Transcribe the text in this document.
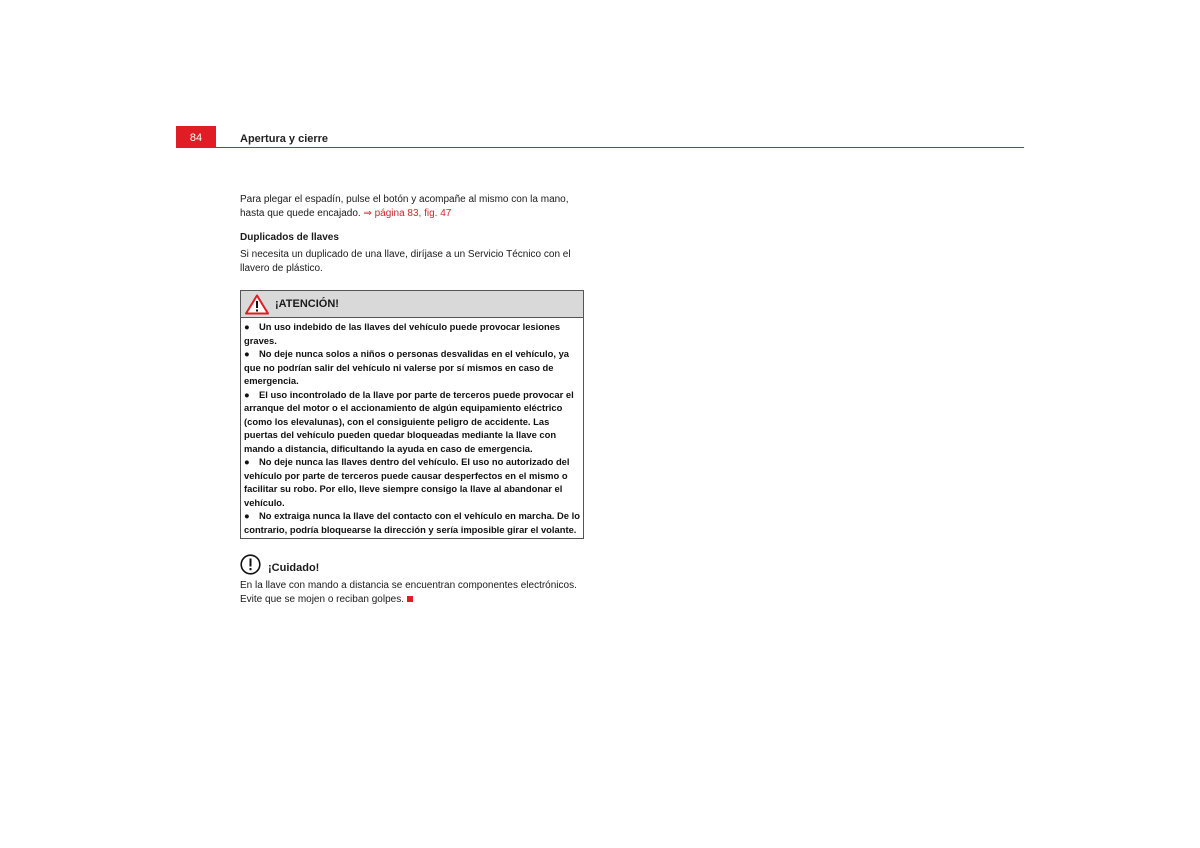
84	Apertura y cierre

Para plegar el espadín, pulse el botón y acompañe al mismo con la mano,
hasta que quede encajado. ⇒ página 83, fig. 47

Duplicados de llaves

Si necesita un duplicado de una llave, diríjase a un Servicio Técnico con el llavero de plástico.

¡ATENCIÓN!

● Un uso indebido de las llaves del vehículo puede provocar lesiones graves.

● No deje nunca solos a niños o personas desvalidas en el vehículo, ya que no podrían salir del vehículo ni valerse por sí mismos en caso de emergencia.

● El uso incontrolado de la llave por parte de terceros puede provocar el arranque del motor o el accionamiento de algún equipamiento eléctrico (como los elevalunas), con el consiguiente peligro de accidente. Las puertas del vehículo pueden quedar bloqueadas mediante la llave con mando a distancia, dificultando la ayuda en caso de emergencia.

● No deje nunca las llaves dentro del vehículo. El uso no autorizado del vehículo por parte de terceros puede causar desperfectos en el mismo o facilitar su robo. Por ello, lleve siempre consigo la llave al abandonar el vehículo.

● No extraiga nunca la llave del contacto con el vehículo en marcha. De lo contrario, podría bloquearse la dirección y sería imposible girar el volante.

¡Cuidado!

En la llave con mando a distancia se encuentran componentes electrónicos. Evite que se mojen o reciban golpes.
